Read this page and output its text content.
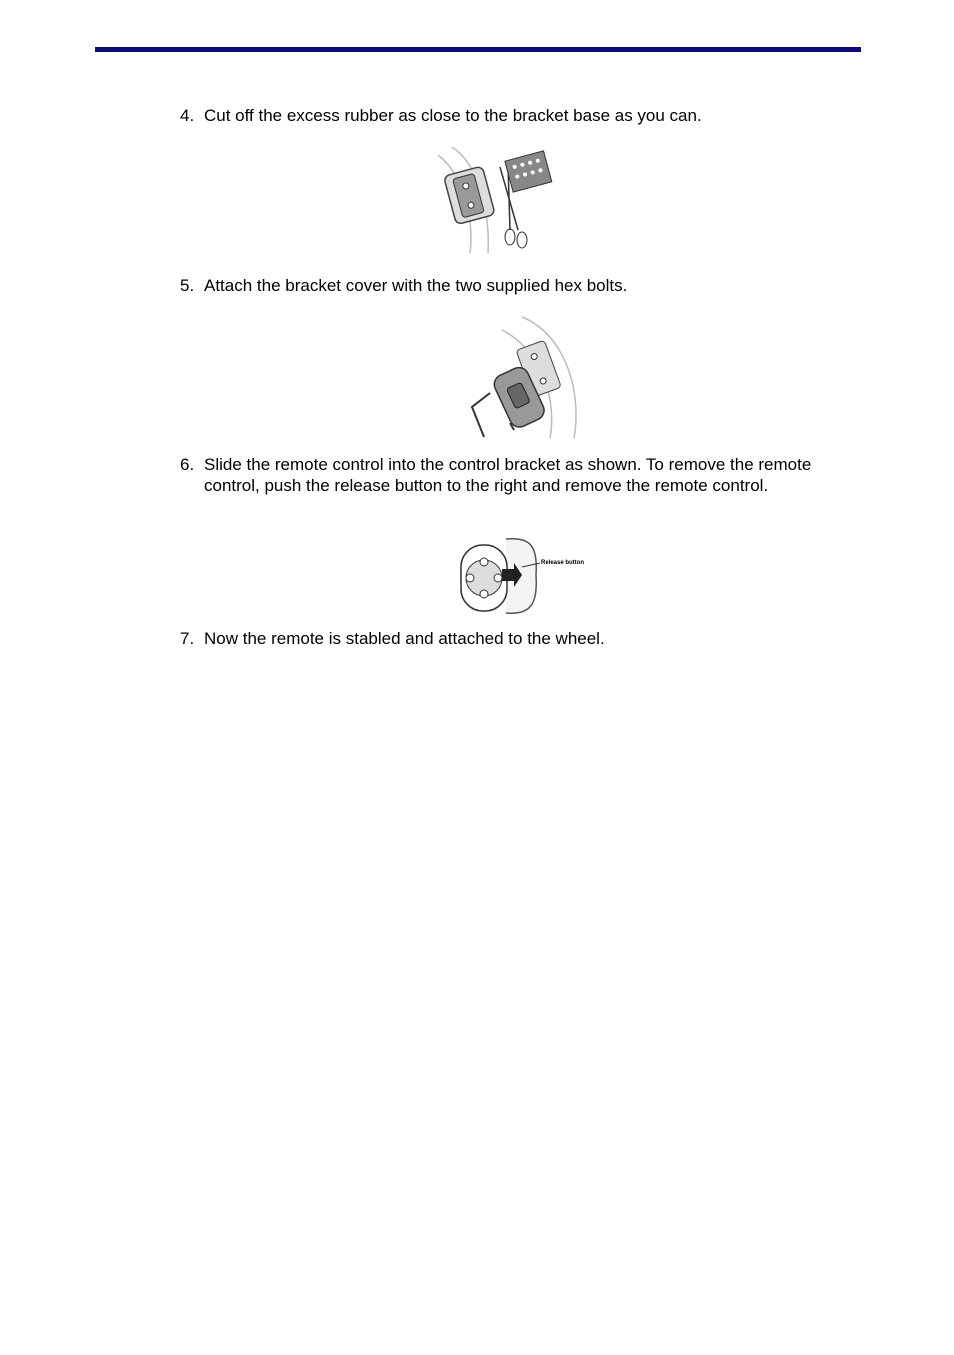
4. Cut off the excess rubber as close to the bracket base as you can.
5. Attach the bracket cover with the two supplied hex bolts.
6. Slide the remote control into the control bracket as shown. To remove the remote control, push the release button to the right and remove the remote control.
Release button
7. Now the remote is stabled and attached to the wheel.
